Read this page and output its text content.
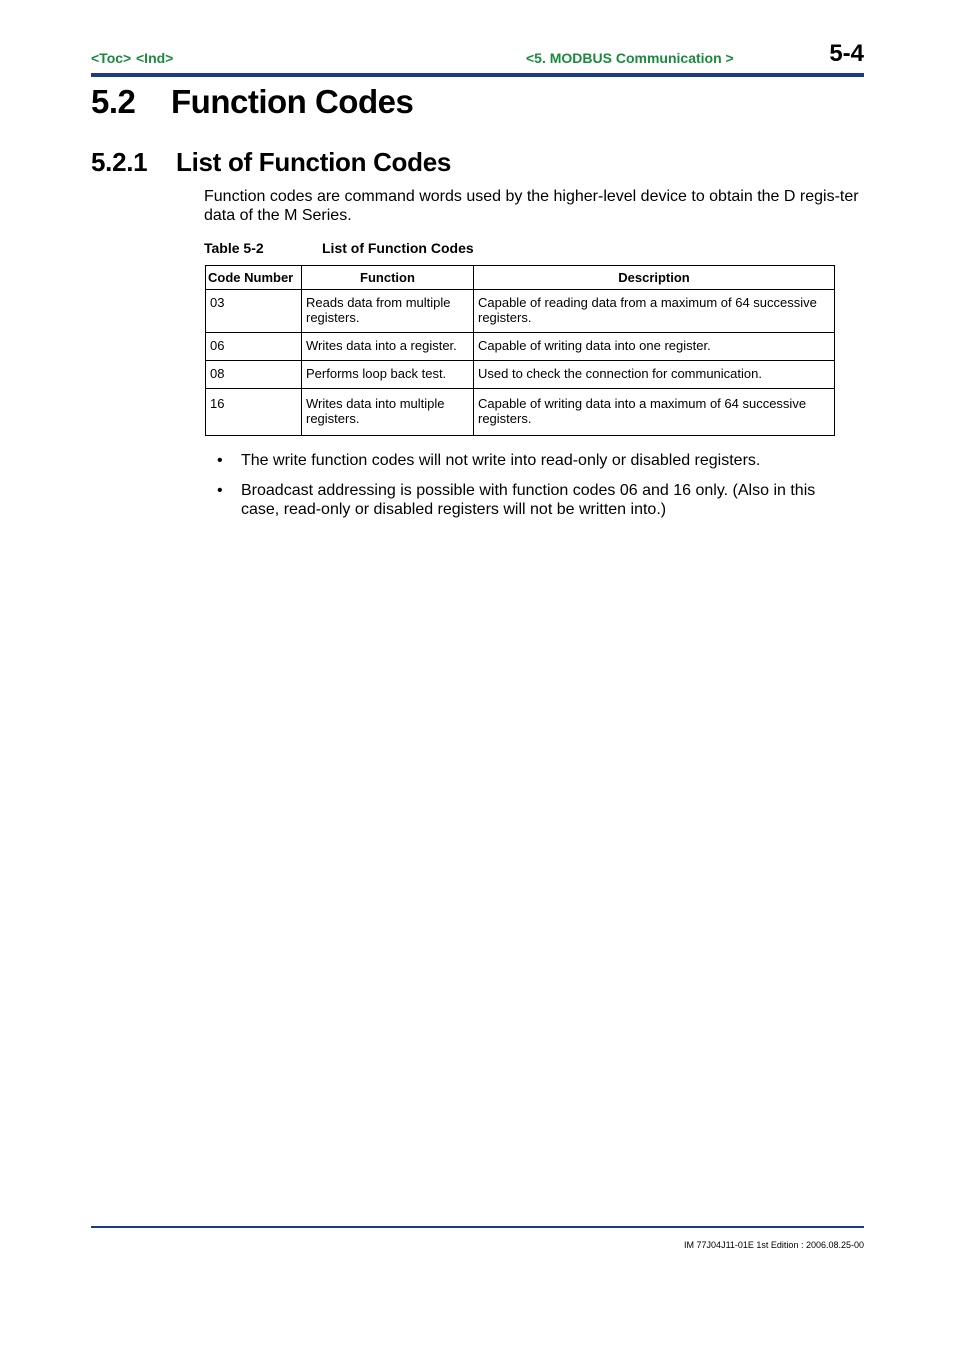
<Toc> <Ind>	<5. MODBUS Communication >	5-4
5.2 Function Codes
5.2.1 List of Function Codes

Function codes are command words used by the higher-level device to obtain the D regis-ter data of the M Series.

Table 5-2	List of Function Codes
Code Number	Function	Description
03	Reads data from multiple registers.	Capable of reading data from a maximum of 64 successive registers.
06	Writes data into a register.	Capable of writing data into one register.
08	Performs loop back test.	Used to check the connection for communication.
16	Writes data into multiple registers.	Capable of writing data into a maximum of 64 successive registers.
• The write function codes will not write into read-only or disabled registers.
• Broadcast addressing is possible with function codes 06 and 16 only. (Also in this case, read-only or disabled registers will not be written into.)
IM 77J04J11-01E 1st Edition : 2006.08.25-00
